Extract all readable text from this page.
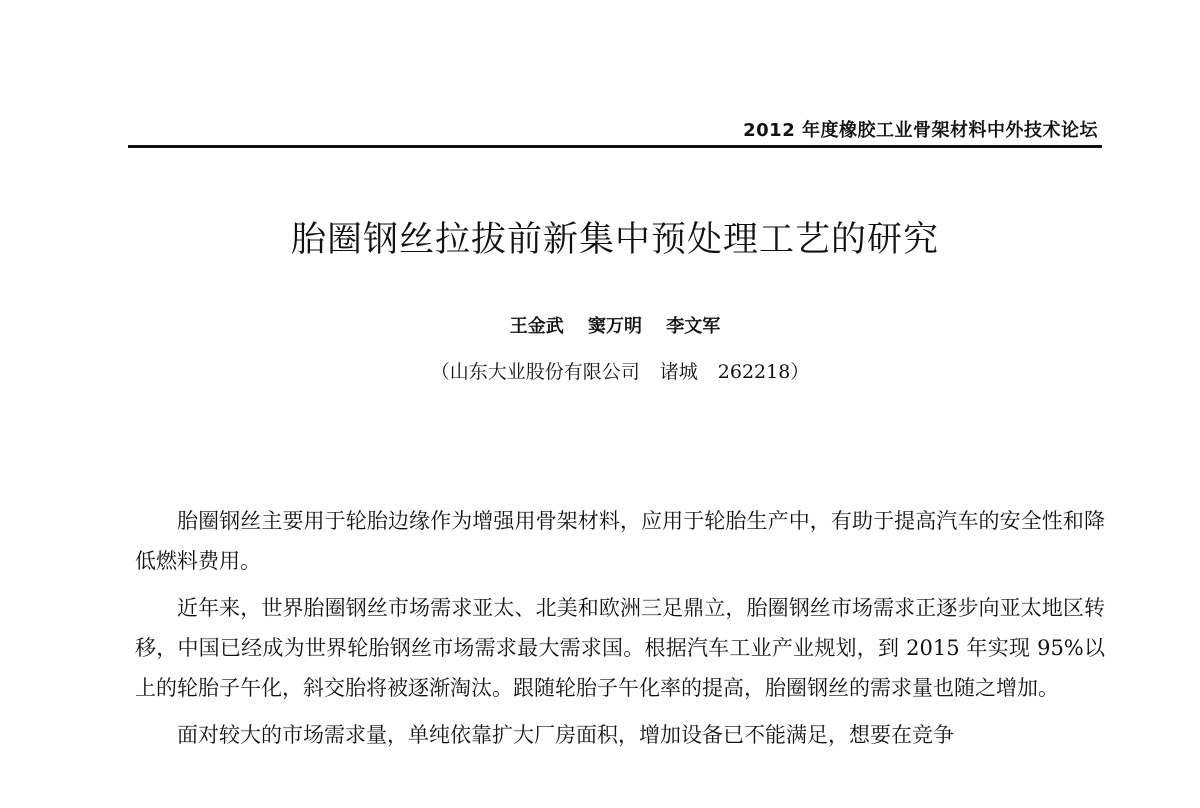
2012 年度橡胶工业骨架材料中外技术论坛
胎圈钢丝拉拔前新集中预处理工艺的研究
王金武 窦万明 李文军
（山东大业股份有限公司 诸城 262218）

胎圈钢丝主要用于轮胎边缘作为增强用骨架材料，应用于轮胎生产中，有助于提高汽车的安全性和降低燃料费用。

近年来，世界胎圈钢丝市场需求亚太、北美和欧洲三足鼎立，胎圈钢丝市场需求正逐步向亚太地区转移，中国已经成为世界轮胎钢丝市场需求最大需求国。根据汽车工业产业规划，到 2015 年实现 95%以上的轮胎子午化，斜交胎将被逐渐淘汰。跟随轮胎子午化率的提高，胎圈钢丝的需求量也随之增加。

面对较大的市场需求量，单纯依靠扩大厂房面积，增加设备已不能满足，想要在竞争
